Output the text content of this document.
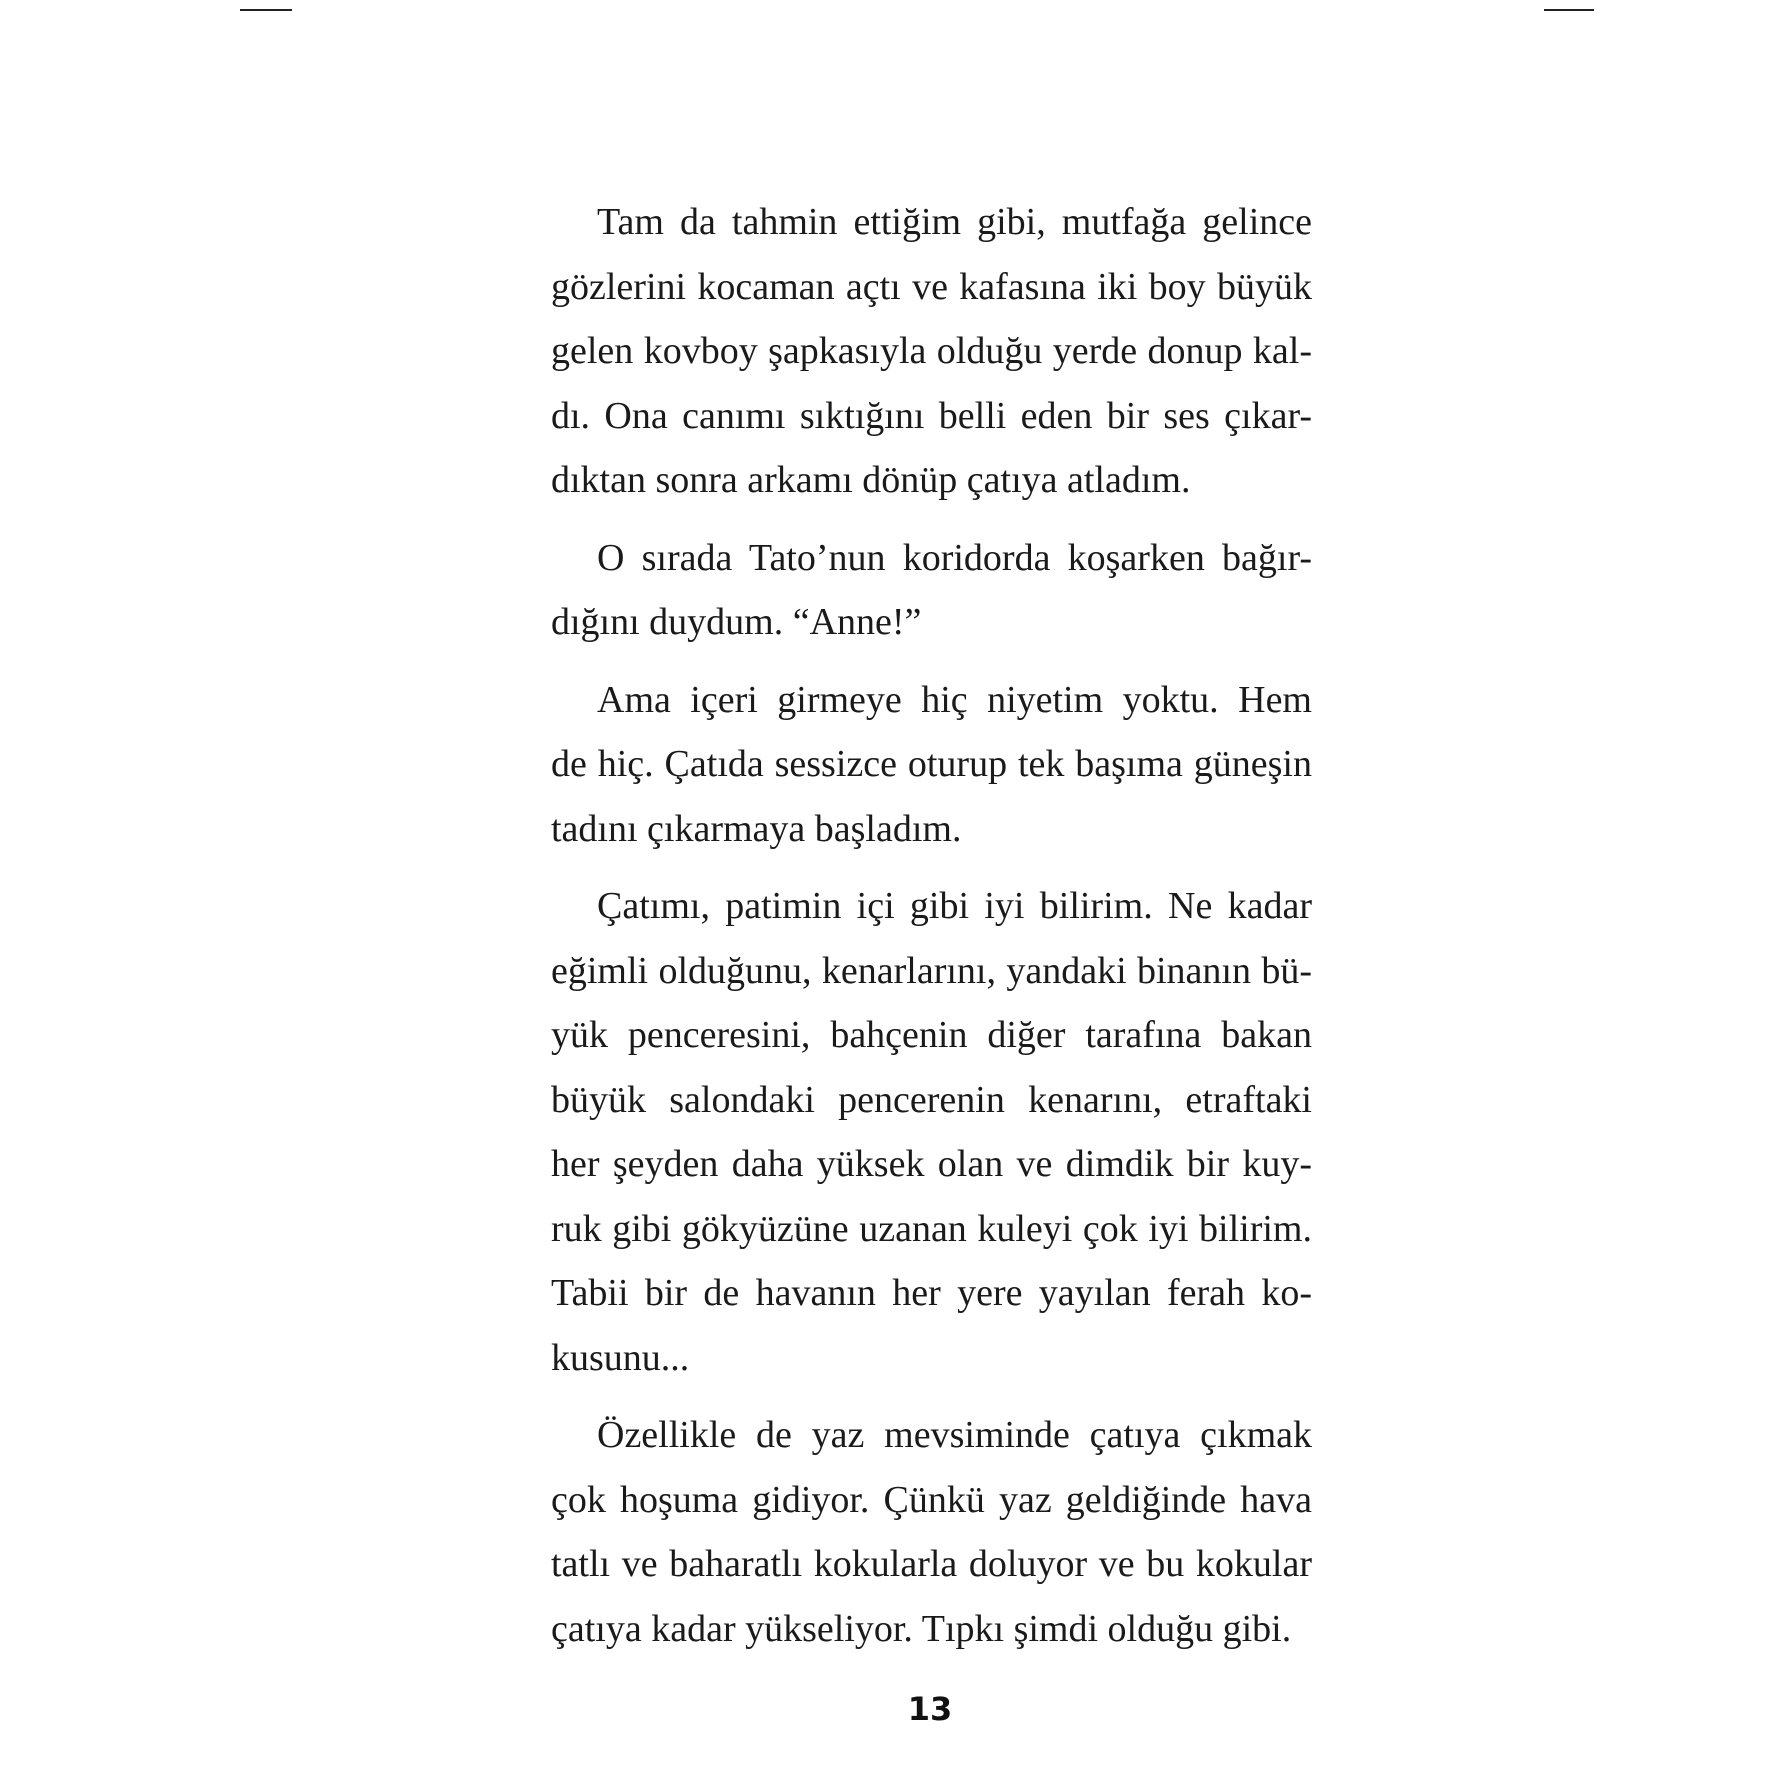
Tam da tahmin ettiğim gibi, mutfağa gelince
gözlerini kocaman açtı ve kafasına iki boy büyük
gelen kovboy şapkasıyla olduğu yerde donup kal-
dı. Ona canımı sıktığını belli eden bir ses çıkar-
dıktan sonra arkamı dönüp çatıya atladım.
O sırada Tato’nun koridorda koşarken bağır-
dığını duydum. “Anne!”
Ama içeri girmeye hiç niyetim yoktu. Hem
de hiç. Çatıda sessizce oturup tek başıma güneşin
tadını çıkarmaya başladım.
Çatımı, patimin içi gibi iyi bilirim. Ne kadar
eğimli olduğunu, kenarlarını, yandaki binanın bü-
yük penceresini, bahçenin diğer tarafına bakan
büyük salondaki pencerenin kenarını, etraftaki
her şeyden daha yüksek olan ve dimdik bir kuy-
ruk gibi gökyüzüne uzanan kuleyi çok iyi bilirim.
Tabii bir de havanın her yere yayılan ferah ko-
kusunu...
Özellikle de yaz mevsiminde çatıya çıkmak
çok hoşuma gidiyor. Çünkü yaz geldiğinde hava
tatlı ve baharatlı kokularla doluyor ve bu kokular
çatıya kadar yükseliyor. Tıpkı şimdi olduğu gibi.
13
